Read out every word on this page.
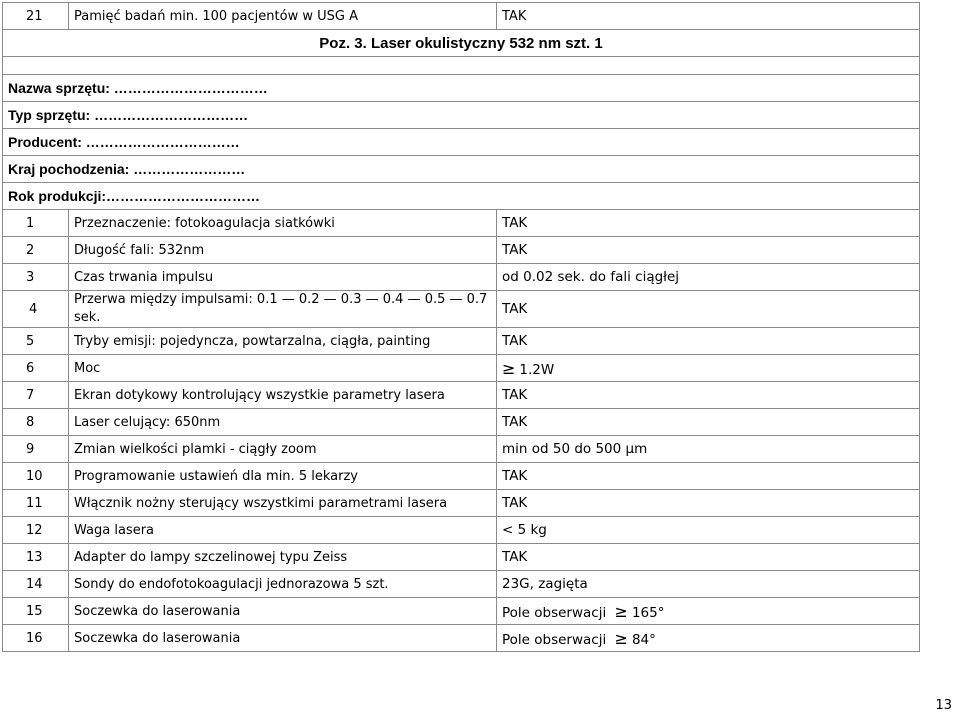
21	Pamięć badań min. 100 pacjentów w USG A	TAK
Poz. 3. Laser okulistyczny 532 nm szt. 1		

Nazwa sprzętu: ……………………………		
Typ sprzętu: ……………………………		
Producent: ……………………………		
Kraj pochodzenia: ……………………		
Rok produkcji:……………………………		
1	Przeznaczenie: fotokoagulacja siatkówki	TAK
2	Długość fali: 532nm	TAK
3	Czas trwania impulsu	od 0.02 sek. do fali ciągłej
4	Przerwa między impulsami: 0.1 — 0.2 — 0.3 — 0.4 — 0.5 — 0.7 sek.	TAK
5	Tryby emisji: pojedyncza, powtarzalna, ciągła, painting	TAK
6	Moc	≥ 1.2W
7	Ekran dotykowy kontrolujący wszystkie parametry lasera	TAK
8	Laser celujący: 650nm	TAK
9	Zmian wielkości plamki - ciągły zoom	min od 50 do 500 µm
10	Programowanie ustawień dla min. 5 lekarzy	TAK
11	Włącznik nożny sterujący wszystkimi parametrami lasera	TAK
12	Waga lasera	< 5 kg
13	Adapter do lampy szczelinowej typu Zeiss	TAK
14	Sondy do endofotokoagulacji jednorazowa 5 szt.	23G, zagięta
15	Soczewka do laserowania	Pole obserwacji ≥ 165°
16	Soczewka do laserowania	Pole obserwacji ≥ 84°
13
